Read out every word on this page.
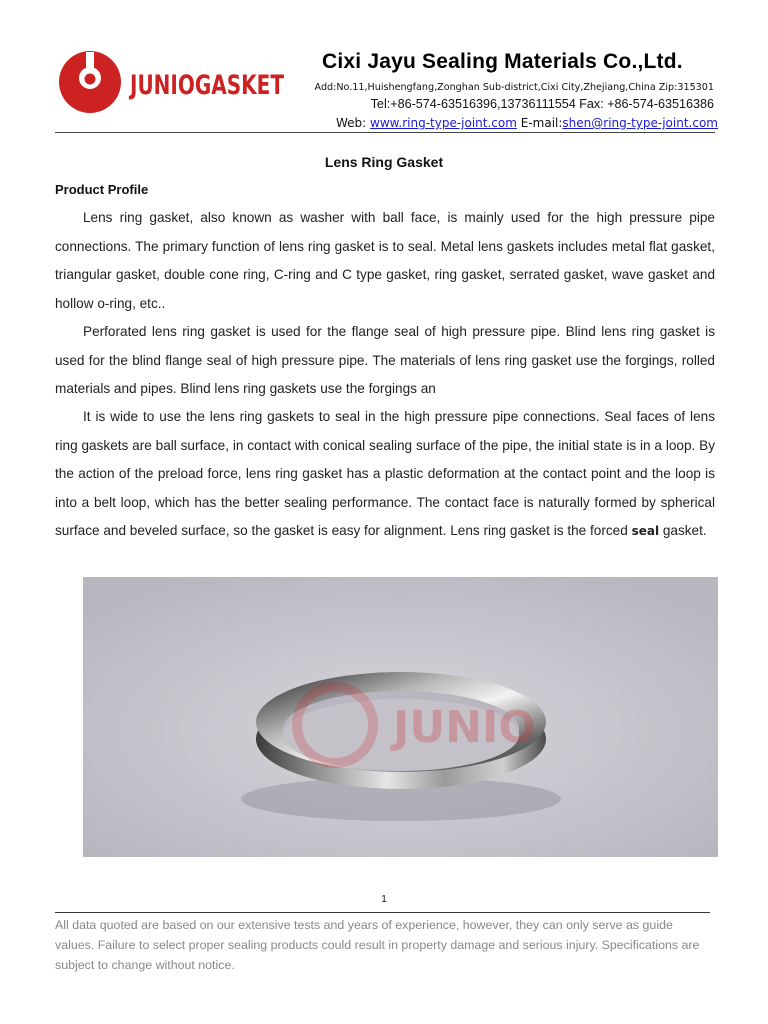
JUNIOGASKET
Cixi Jayu Sealing Materials Co.,Ltd.
Add:No.11,Huishengfang,Zonghan Sub-district,Cixi City,Zhejiang,China Zip:315301
Tel:+86-574-63516396,13736111554 Fax: +86-574-63516386
Web: www.ring-type-joint.com E-mail:shen@ring-type-joint.com
Lens Ring Gasket
Product Profile

Lens ring gasket, also known as washer with ball face, is mainly used for the high pressure pipe connections. The primary function of lens ring gasket is to seal. Metal lens gaskets includes metal flat gasket, triangular gasket, double cone ring, C-ring and C type gasket, ring gasket, serrated gasket, wave gasket and hollow o-ring, etc..

Perforated lens ring gasket is used for the flange seal of high pressure pipe. Blind lens ring gasket is used for the blind flange seal of high pressure pipe. The materials of lens ring gasket use the forgings, rolled materials and pipes. Blind lens ring gaskets use the forgings an

It is wide to use the lens ring gaskets to seal in the high pressure pipe connections. Seal faces of lens ring gaskets are ball surface, in contact with conical sealing surface of the pipe, the initial state is in a loop. By the action of the preload force, lens ring gasket has a plastic deformation at the contact point and the loop is into a belt loop, which has the better sealing performance. The contact face is naturally formed by spherical surface and beveled surface, so the gasket is easy for alignment. Lens ring gasket is the forced seal gasket.

JUNIO
1

All data quoted are based on our extensive tests and years of experience, however, they can only serve as guide values. Failure to select proper sealing products could result in property damage and serious injury. Specifications are subject to change without notice.
